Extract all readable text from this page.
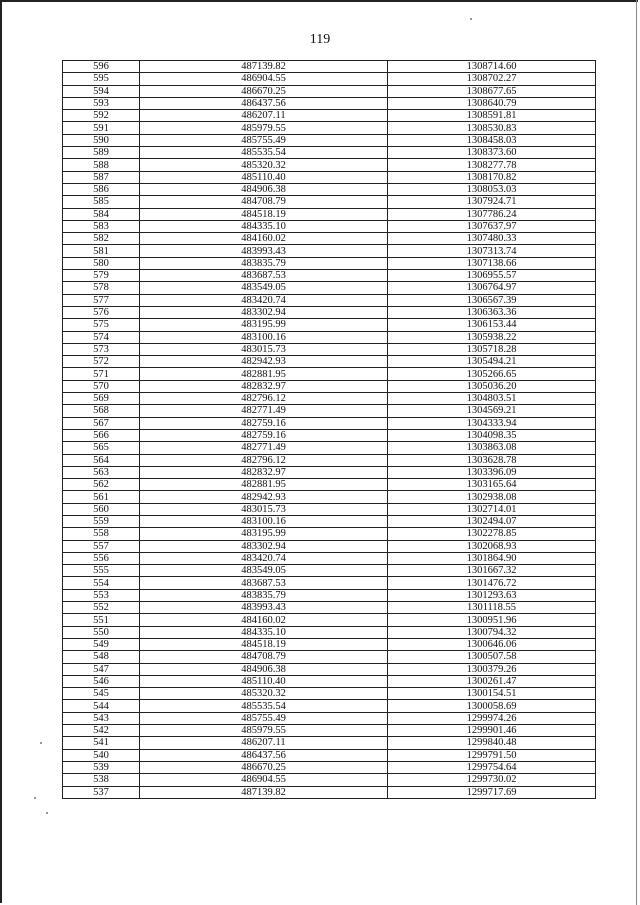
119
596	487139.82	1308714.60
595	486904.55	1308702.27
594	486670.25	1308677.65
593	486437.56	1308640.79
592	486207.11	1308591.81
591	485979.55	1308530.83
590	485755.49	1308458.03
589	485535.54	1308373.60
588	485320.32	1308277.78
587	485110.40	1308170.82
586	484906.38	1308053.03
585	484708.79	1307924.71
584	484518.19	1307786.24
583	484335.10	1307637.97
582	484160.02	1307480.33
581	483993.43	1307313.74
580	483835.79	1307138.66
579	483687.53	1306955.57
578	483549.05	1306764.97
577	483420.74	1306567.39
576	483302.94	1306363.36
575	483195.99	1306153.44
574	483100.16	1305938.22
573	483015.73	1305718.28
572	482942.93	1305494.21
571	482881.95	1305266.65
570	482832.97	1305036.20
569	482796.12	1304803.51
568	482771.49	1304569.21
567	482759.16	1304333.94
566	482759.16	1304098.35
565	482771.49	1303863.08
564	482796.12	1303628.78
563	482832.97	1303396.09
562	482881.95	1303165.64
561	482942.93	1302938.08
560	483015.73	1302714.01
559	483100.16	1302494.07
558	483195.99	1302278.85
557	483302.94	1302068.93
556	483420.74	1301864.90
555	483549.05	1301667.32
554	483687.53	1301476.72
553	483835.79	1301293.63
552	483993.43	1301118.55
551	484160.02	1300951.96
550	484335.10	1300794.32
549	484518.19	1300646.06
548	484708.79	1300507.58
547	484906.38	1300379.26
546	485110.40	1300261.47
545	485320.32	1300154.51
544	485535.54	1300058.69
543	485755.49	1299974.26
542	485979.55	1299901.46
541	486207.11	1299840.48
540	486437.56	1299791.50
539	486670.25	1299754.64
538	486904.55	1299730.02
537	487139.82	1299717.69
